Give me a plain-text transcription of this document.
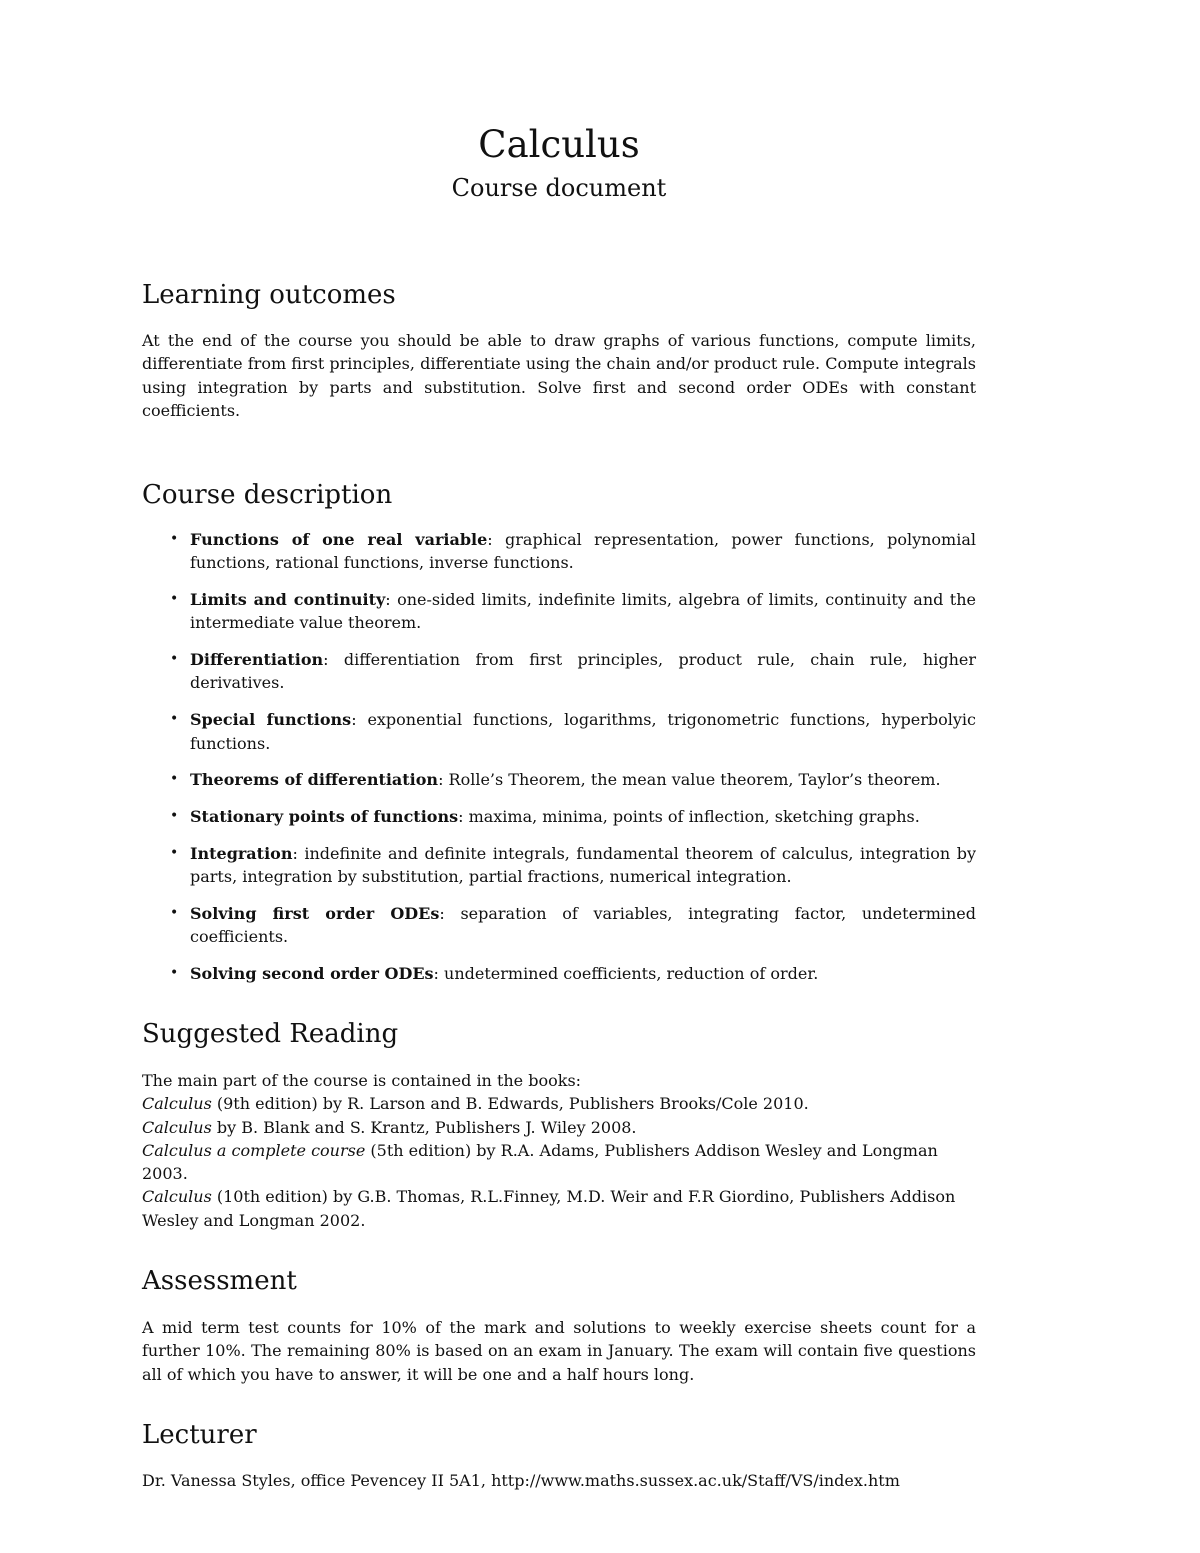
Calculus
Course document
Learning outcomes

At the end of the course you should be able to draw graphs of various functions, compute limits, differentiate from first principles, differentiate using the chain and/or product rule. Compute integrals using integration by parts and substitution. Solve first and second order ODEs with constant coefficients.

Course description
• Functions of one real variable: graphical representation, power functions, polynomial functions, rational functions, inverse functions.
• Limits and continuity: one-sided limits, indefinite limits, algebra of limits, continuity and the intermediate value theorem.
• Differentiation: differentiation from first principles, product rule, chain rule, higher derivatives.
• Special functions: exponential functions, logarithms, trigonometric functions, hyperbolyic functions.
• Theorems of differentiation: Rolle’s Theorem, the mean value theorem, Taylor’s theorem.
• Stationary points of functions: maxima, minima, points of inflection, sketching graphs.
• Integration: indefinite and definite integrals, fundamental theorem of calculus, integration by parts, integration by substitution, partial fractions, numerical integration.
• Solving first order ODEs: separation of variables, integrating factor, undetermined coefficients.
• Solving second order ODEs: undetermined coefficients, reduction of order.
Suggested Reading
The main part of the course is contained in the books:
Calculus (9th edition) by R. Larson and B. Edwards, Publishers Brooks/Cole 2010.
Calculus by B. Blank and S. Krantz, Publishers J. Wiley 2008.
Calculus a complete course (5th edition) by R.A. Adams, Publishers Addison Wesley and Longman 2003.
Calculus (10th edition) by G.B. Thomas, R.L.Finney, M.D. Weir and F.R Giordino, Publishers Addison Wesley and Longman 2002.
Assessment

A mid term test counts for 10% of the mark and solutions to weekly exercise sheets count for a further 10%. The remaining 80% is based on an exam in January. The exam will contain five questions all of which you have to answer, it will be one and a half hours long.

Lecturer

Dr. Vanessa Styles, office Pevencey II 5A1, http://www.maths.sussex.ac.uk/Staff/VS/index.htm
